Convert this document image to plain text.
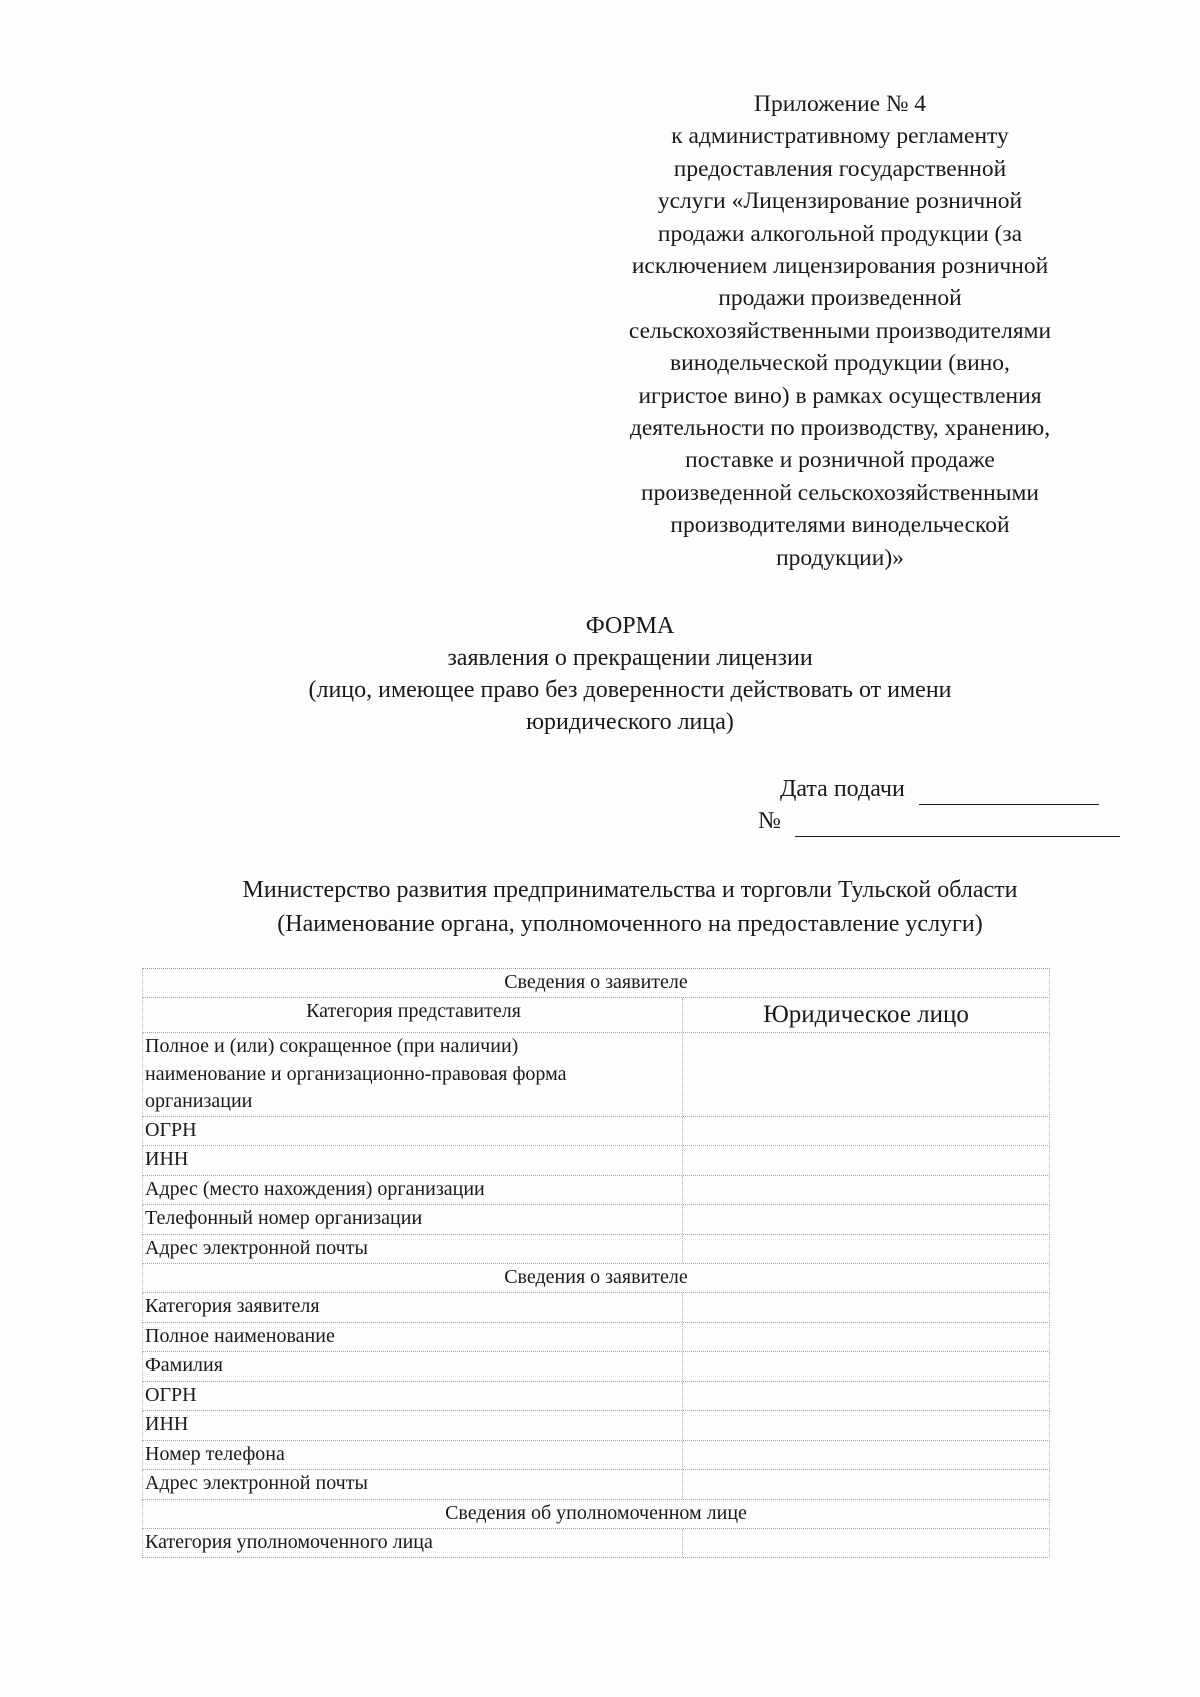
Приложение № 4
к административному регламенту
предоставления государственной
услуги «Лицензирование розничной
продажи алкогольной продукции (за
исключением лицензирования розничной
продажи произведенной
сельскохозяйственными производителями
винодельческой продукции (вино,
игристое вино) в рамках осуществления
деятельности по производству, хранению,
поставке и розничной продаже
произведенной сельскохозяйственными
производителями винодельческой
продукции)»
ФОРМА
заявления о прекращении лицензии
(лицо, имеющее право без доверенности действовать от имени
юридического лица)
Дата подачи
№
Министерство развития предпринимательства и торговли Тульской области
(Наименование органа, уполномоченного на предоставление услуги)
Сведения о заявителе
Категория представителя	Юридическое лицо
Полное и (или) сокращенное (при наличии)
наименование и организационно-правовая форма
организации
ОГРН
ИНН
Адрес (место нахождения) организации
Телефонный номер организации
Адрес электронной почты
Сведения о заявителе
Категория заявителя
Полное наименование
Фамилия
ОГРН
ИНН
Номер телефона
Адрес электронной почты
Сведения об уполномоченном лице
Категория уполномоченного лица
